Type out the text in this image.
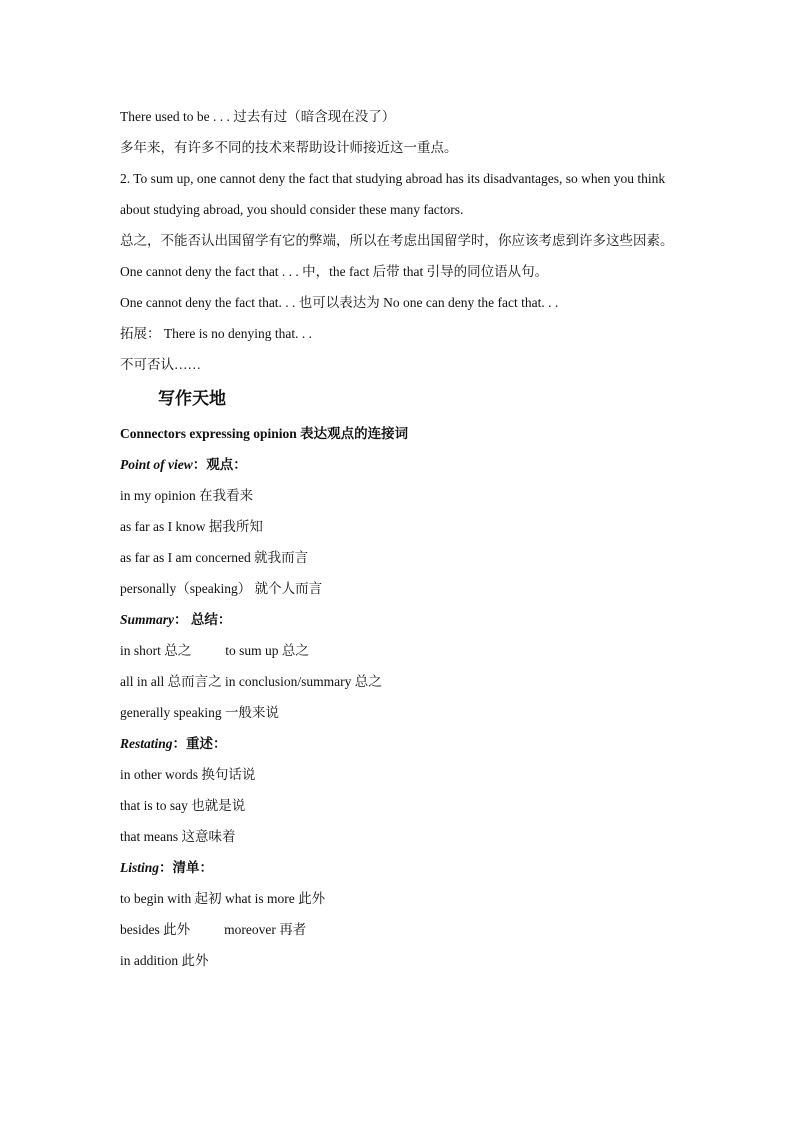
There used to be . . . 过去有过（暗含现在没了）
多年来，有许多不同的技术来帮助设计师接近这一重点。
2. To sum up, one cannot deny the fact that studying abroad has its disadvantages, so when you think about studying abroad, you should consider these many factors.
总之，不能否认出国留学有它的弊端，所以在考虑出国留学时，你应该考虑到许多这些因素。
One cannot deny the fact that . . . 中，the fact 后带 that 引导的同位语从句。
One cannot deny the fact that. . . 也可以表达为 No one can deny the fact that. . .
拓展： There is no denying that. . .
不可否认……
写作天地
Connectors expressing opinion 表达观点的连接词
Point of view：观点：
in my opinion 在我看来
as far as I know 据我所知
as far as I am concerned 就我而言
personally（speaking） 就个人而言
Summary： 总结：
in short 总之	to sum up 总之
all in all 总而言之 in conclusion/summary 总之
generally speaking 一般来说
Restating：重述：
in other words 换句话说
that is to say 也就是说
that means 这意味着
Listing：清单：
to begin with 起初 what is more 此外
besides 此外	moreover 再者
in addition 此外
